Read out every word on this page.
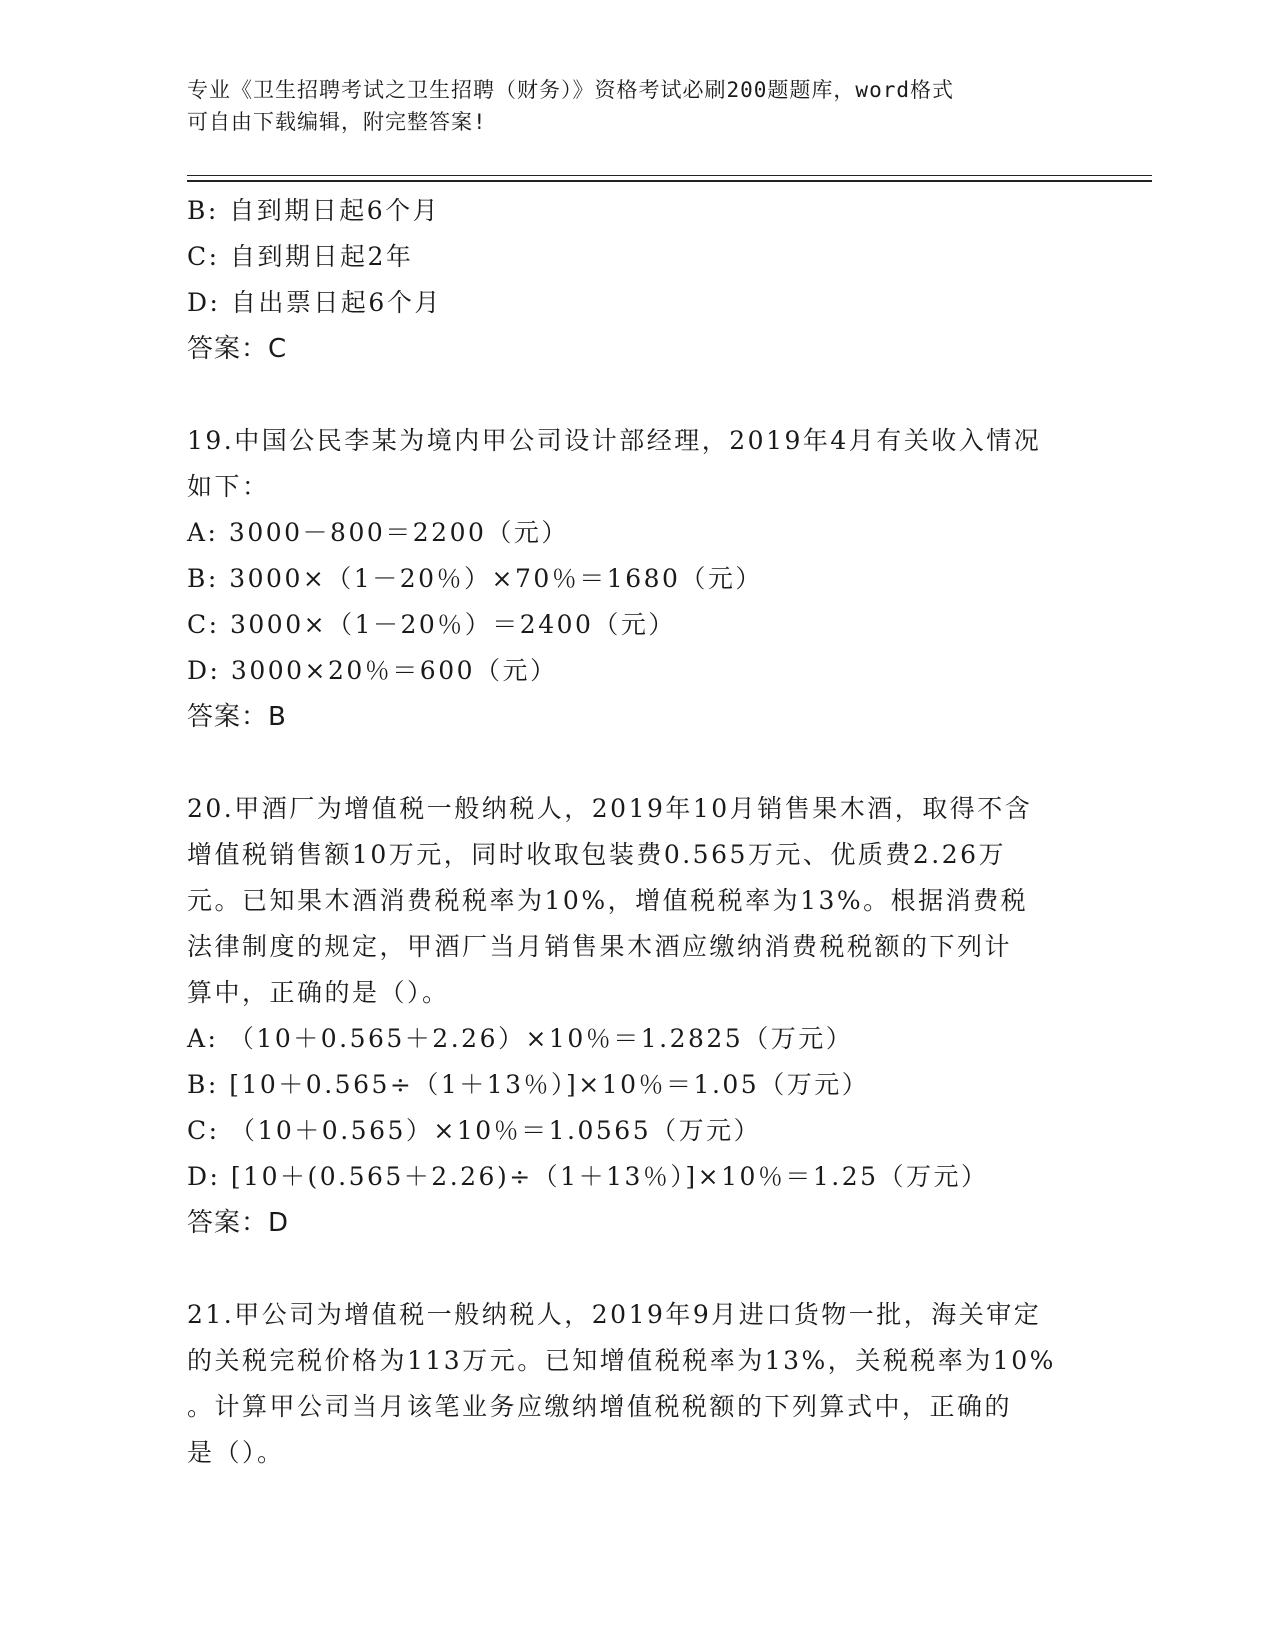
专业《卫生招聘考试之卫生招聘（财务）》资格考试必刷200题题库，word格式
可自由下载编辑，附完整答案!
B: 自到期日起6个月
C: 自到期日起2年
D: 自出票日起6个月
答案：C
19.中国公民李某为境内甲公司设计部经理，2019年4月有关收入情况
如下：
A: 3000－800＝2200（元）
B: 3000×（1－20％）×70％＝1680（元）
C: 3000×（1－20％）＝2400（元）
D: 3000×20％＝600（元）
答案：B
20.甲酒厂为增值税一般纳税人，2019年10月销售果木酒，取得不含
增值税销售额10万元，同时收取包装费0.565万元、优质费2.26万
元。已知果木酒消费税税率为10%，增值税税率为13%。根据消费税
法律制度的规定，甲酒厂当月销售果木酒应缴纳消费税税额的下列计
算中，正确的是（）。
A: （10＋0.565＋2.26）×10％＝1.2825（万元）
B: [10＋0.565÷（1＋13％）]×10％＝1.05（万元）
C: （10＋0.565）×10％＝1.0565（万元）
D: [10＋(0.565＋2.26)÷（1＋13％）]×10％＝1.25（万元）
答案：D
21.甲公司为增值税一般纳税人，2019年9月进口货物一批，海关审定
的关税完税价格为113万元。已知增值税税率为13%，关税税率为10%
。计算甲公司当月该笔业务应缴纳增值税税额的下列算式中，正确的
是（）。
